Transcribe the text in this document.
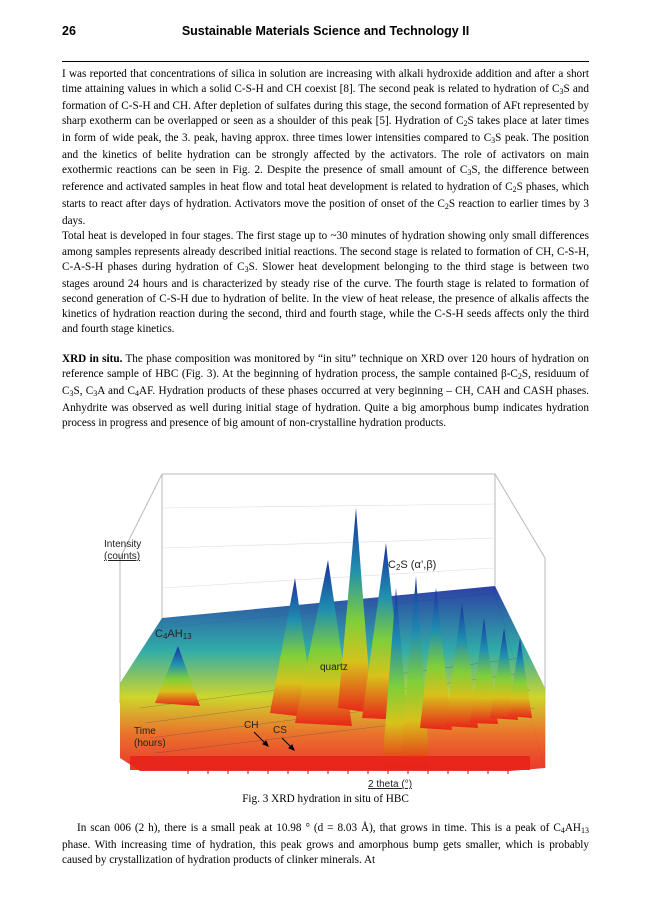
26	Sustainable Materials Science and Technology II

I was reported that concentrations of silica in solution are increasing with alkali hydroxide addition and after a short time attaining values in which a solid C-S-H and CH coexist [8]. The second peak is related to hydration of $C_3S$ and formation of C-S-H and CH. After depletion of sulfates during this stage, the second formation of AFt represented by sharp exotherm can be overlapped or seen as a shoulder of this peak [5]. Hydration of $C_2S$ takes place at later times in form of wide peak, the 3. peak, having approx. three times lower intensities compared to $C_3S$ peak. The position and the kinetics of belite hydration can be strongly affected by the activators. The role of activators on main exothermic reactions can be seen in Fig. 2. Despite the presence of small amount of $C_3S$, the difference between reference and activated samples in heat flow and total heat development is related to hydration of $C_2S$ phases, which starts to react after days of hydration. Activators move the position of onset of the $C_2S$ reaction to earlier times by 3 days.

Total heat is developed in four stages. The first stage up to ~30 minutes of hydration showing only small differences among samples represents already described initial reactions. The second stage is related to formation of CH, C-S-H, C-A-S-H phases during hydration of $C_3S$. Slower heat development belonging to the third stage is between two stages around 24 hours and is characterized by steady rise of the curve. The fourth stage is related to formation of second generation of C-S-H due to hydration of belite. In the view of heat release, the presence of alkalis affects the kinetics of hydration reaction during the second, third and fourth stage, while the C-S-H seeds affects only the third and fourth stage kinetics.

XRD in situ. The phase composition was monitored by “in situ” technique on XRD over 120 hours of hydration on reference sample of HBC (Fig. 3). At the beginning of hydration process, the sample contained $\beta-C_2S$, residuum of $C_3S$, $C_3A$ and $C_4AF$. Hydration products of these phases occurred at very beginning – CH, CAH and CASH phases. Anhydrite was observed as well during initial stage of hydration. Quite a big amorphous bump indicates hydration process in progress and presence of big amount of non-crystalline hydration products.

Intensity
(counts)
$C_2S$ (α’,β)
$C_4AH_{13}$
quartz
CH CS
Time
(hours)
2 theta (°)
Fig. 3 XRD hydration in situ of HBC

In scan 006 (2 h), there is a small peak at 10.98 ° (d = 8.03 Å), that grows in time. This is a peak of $C_4AH_{13}$ phase. With increasing time of hydration, this peak grows and amorphous bump gets smaller, which is probably caused by crystallization of hydration products of clinker minerals. At
